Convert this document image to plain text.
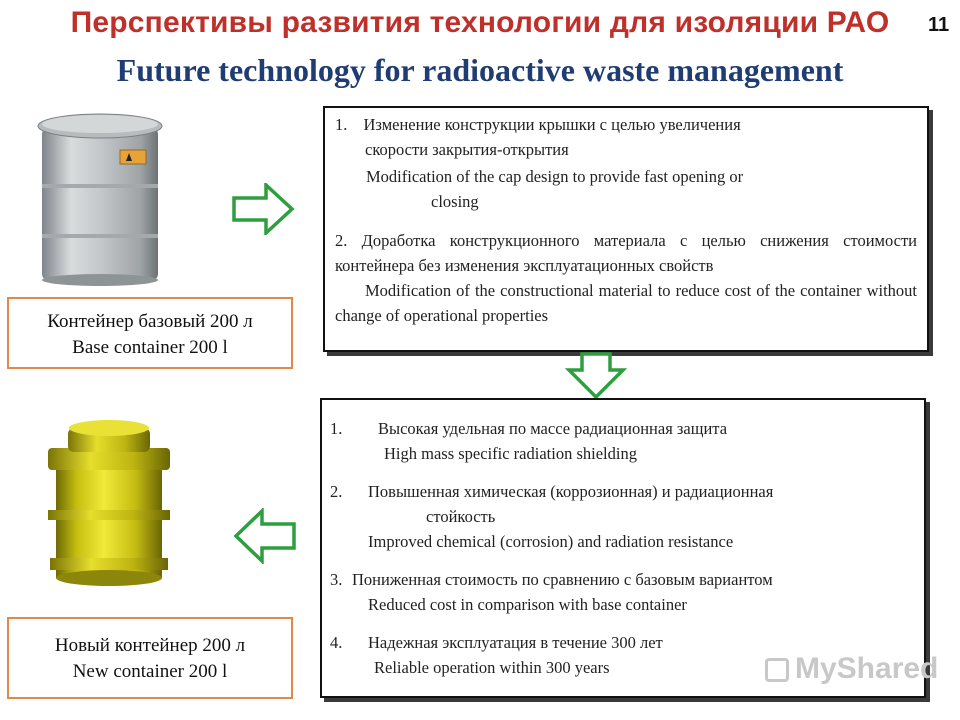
Перспективы развития технологии для изоляции РАО	11
Future technology for radioactive waste management
Контейнер базовый 200 л
Base container 200 l

1. Изменение конструкции крышки с целью увеличения

скорости закрытия-открытия

Modification of the cap design to provide fast opening or

closing

2. Доработка конструкционного материала с целью снижения стоимости контейнера без изменения эксплуатационных свойств

Modification of the constructional material to reduce cost of the container without change of operational properties

Новый контейнер 200 л
New container 200 l
1.	Высокая удельная по массе радиационная защита

High mass specific radiation shielding

2.	Повышенная химическая (коррозионная) и радиационная

стойкость

Improved chemical (corrosion) and radiation resistance

3. Пониженная стоимость по сравнению с базовым вариантом

Reduced cost in comparison with base container

4.	Надежная эксплуатация в течение 300 лет

Reliable operation within 300 years	MyShared
